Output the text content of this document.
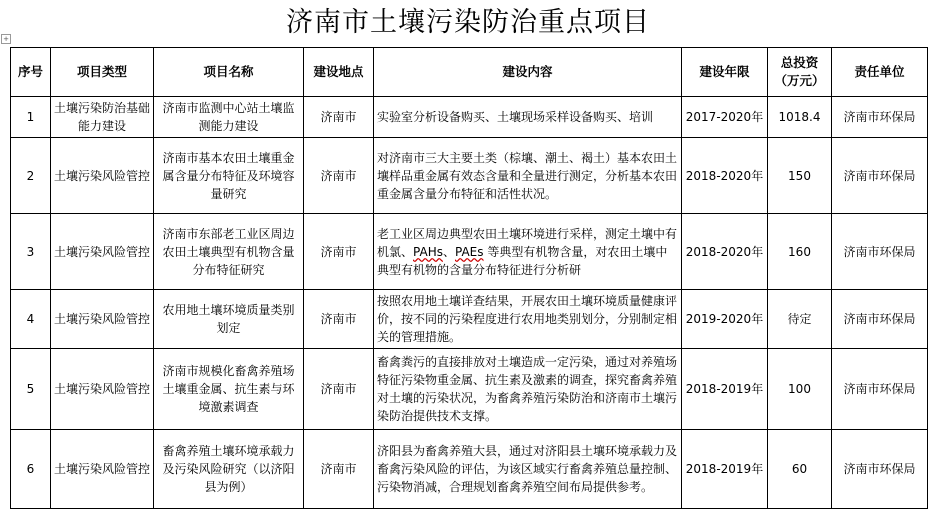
济南市土壤污染防治重点项目
+
序号	项目类型	项目名称	建设地点	建设内容	建设年限	总投资（万元）	责任单位
1	土壤污染防治基础能力建设	济南市监测中心站土壤监测能力建设	济南市	实验室分析设备购买、土壤现场采样设备购买、培训	2017-2020年	1018.4	济南市环保局
2	土壤污染风险管控	济南市基本农田土壤重金属含量分布特征及环境容量研究	济南市	对济南市三大主要土类（棕壤、潮土、褐土）基本农田土壤样品重金属有效态含量和全量进行测定，分析基本农田重金属含量分布特征和活性状况。	2018-2020年	150	济南市环保局
3	土壤污染风险管控	济南市东部老工业区周边农田土壤典型有机物含量分布特征研究	济南市	老工业区周边典型农田土壤环境进行采样，测定土壤中有机氯、PAHs、PAEs 等典型有机物含量，对农田土壤中典型有机物的含量分布特征进行分析研	2018-2020年	160	济南市环保局
4	土壤污染风险管控	农用地土壤环境质量类别划定	济南市	按照农用地土壤详查结果，开展农田土壤环境质量健康评价，按不同的污染程度进行农用地类别划分，分别制定相关的管理措施。	2019-2020年	待定	济南市环保局
5	土壤污染风险管控	济南市规模化畜禽养殖场土壤重金属、抗生素与环境激素调查	济南市	畜禽粪污的直接排放对土壤造成一定污染，通过对养殖场特征污染物重金属、抗生素及激素的调查，探究畜禽养殖对土壤的污染状况，为畜禽养殖污染防治和济南市土壤污染防治提供技术支撑。	2018-2019年	100	济南市环保局
6	土壤污染风险管控	畜禽养殖土壤环境承载力及污染风险研究（以济阳县为例）	济南市	济阳县为畜禽养殖大县，通过对济阳县土壤环境承载力及畜禽污染风险的评估，为该区域实行畜禽养殖总量控制、污染物消减，合理规划畜禽养殖空间布局提供参考。	2018-2019年	60	济南市环保局
